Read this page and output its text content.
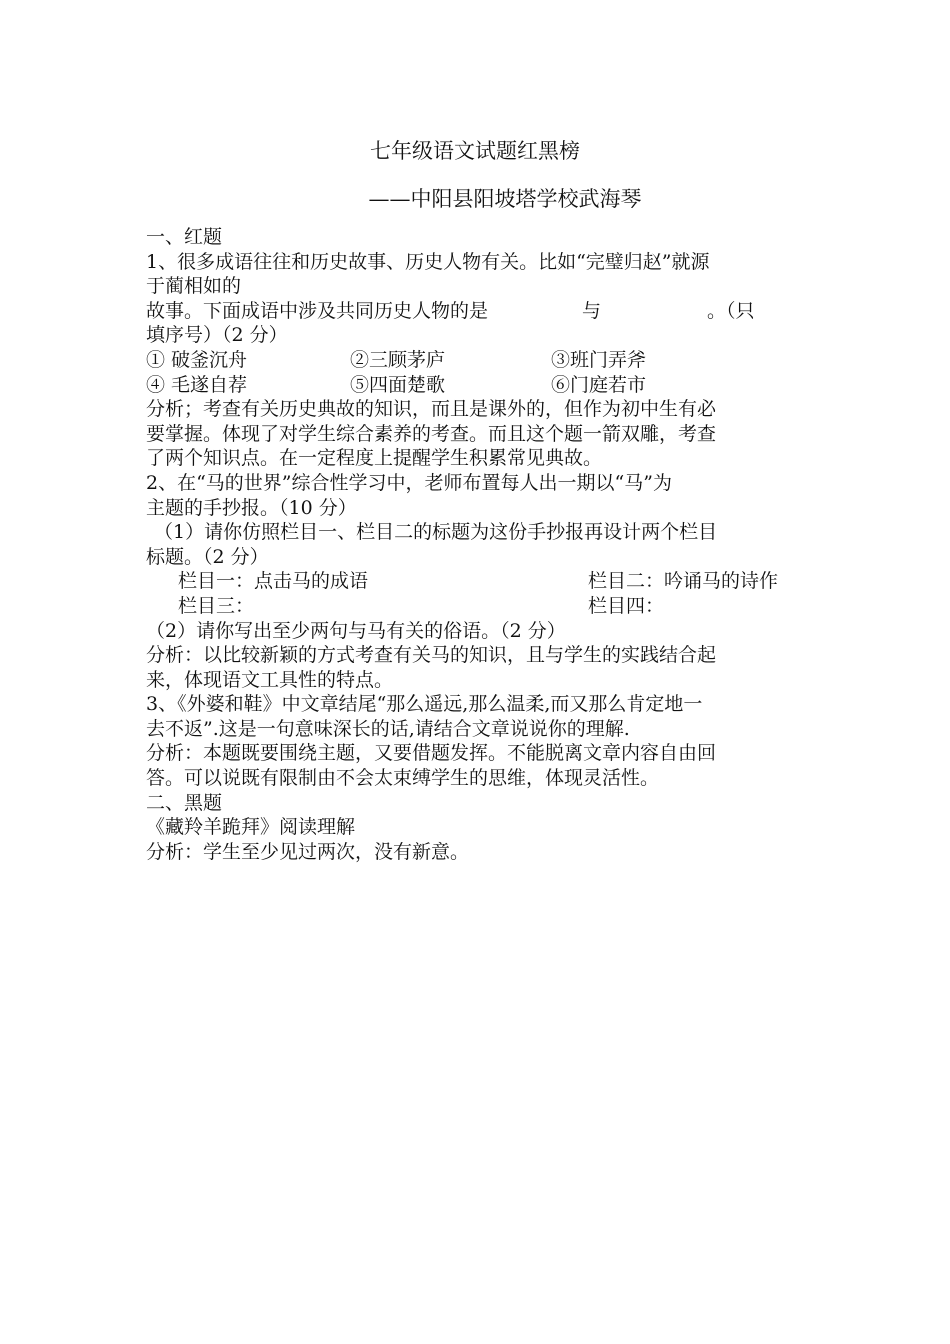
七年级语文试题红黑榜
——中阳县阳坡塔学校武海琴
一、红题
1、很多成语往往和历史故事、历史人物有关。比如“完璧归赵”就源
于蔺相如的
故事。下面成语中涉及共同历史人物的是	与	。（只
填序号）（2 分）
① 破釜沉舟	②三顾茅庐	③班门弄斧
④ 毛遂自荐	⑤四面楚歌	⑥门庭若市
分析；考查有关历史典故的知识，而且是课外的，但作为初中生有必
要掌握。体现了对学生综合素养的考查。而且这个题一箭双雕，考查
了两个知识点。在一定程度上提醒学生积累常见典故。
2、在“马的世界”综合性学习中，老师布置每人出一期以“马”为
主题的手抄报。（10 分）
（1）请你仿照栏目一、栏目二的标题为这份手抄报再设计两个栏目
标题。（2 分）
栏目一：点击马的成语	栏目二：吟诵马的诗作
栏目三：	栏目四：
（2）请你写出至少两句与马有关的俗语。（2 分）
分析：以比较新颖的方式考查有关马的知识，且与学生的实践结合起
来，体现语文工具性的特点。
3、《外婆和鞋》中文章结尾“那么遥远,那么温柔,而又那么肯定地一
去不返”.这是一句意味深长的话,请结合文章说说你的理解.
分析：本题既要围绕主题，又要借题发挥。不能脱离文章内容自由回
答。可以说既有限制由不会太束缚学生的思维，体现灵活性。
二、黑题
《藏羚羊跪拜》阅读理解
分析：学生至少见过两次，没有新意。
